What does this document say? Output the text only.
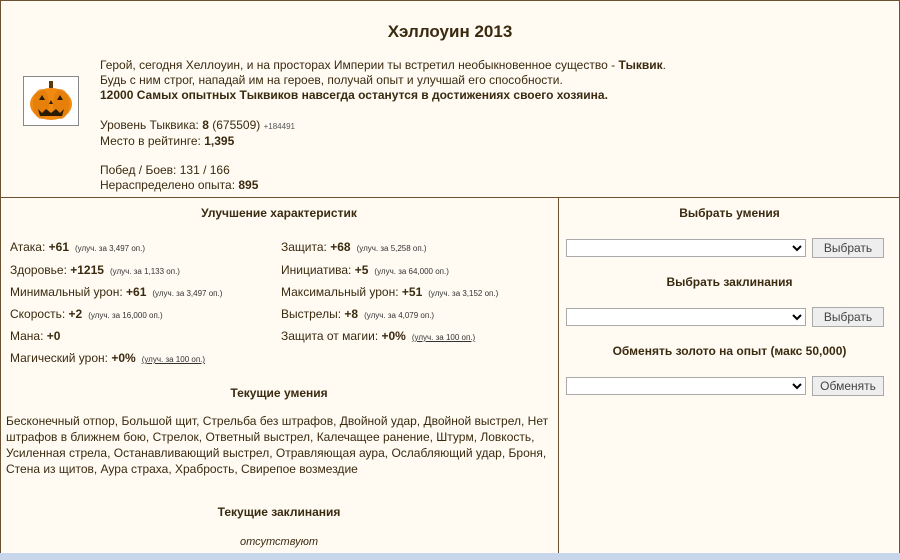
Хэллоуин 2013
Герой, сегодня Хеллоуин, и на просторах Империи ты встретил необыкновенное существо - Тыквик.
Будь с ним строг, нападай им на героев, получай опыт и улучшай его способности.
12000 Самых опытных Тыквиков навсегда останутся в достижениях своего хозяина.
Уровень Тыквика: 8 (675509) +184491
Место в рейтинге: 1,395
Побед / Боев: 131 / 166
Нераспределено опыта: 895
Улучшение характеристик
Атака: +61 (улуч. за 3,497 оп.)
Здоровье: +1215 (улуч. за 1,133 оп.)
Минимальный урон: +61 (улуч. за 3,497 оп.)
Скорость: +2 (улуч. за 16,000 оп.)
Мана: +0
Магический урон: +0% (улуч. за 100 оп.)
Защита: +68 (улуч. за 5,258 оп.)
Инициатива: +5 (улуч. за 64,000 оп.)
Максимальный урон: +51 (улуч. за 3,152 оп.)
Выстрелы: +8 (улуч. за 4,079 оп.)
Защита от магии: +0% (улуч. за 100 оп.)
Текущие умения
Бесконечный отпор, Большой щит, Стрельба без штрафов, Двойной удар, Двойной выстрел, Нет штрафов в ближнем бою, Стрелок, Ответный выстрел, Калечащее ранение, Штурм, Ловкость, Усиленная стрела, Останавливающий выстрел, Отравляющая аура, Ослабляющий удар, Броня, Стена из щитов, Аура страха, Храбрость, Свирепое возмездие
Текущие заклинания
отсутствуют
Выбрать умения
Выбрать
Выбрать заклинания
Выбрать
Обменять золото на опыт (макс 50,000)
Обменять
